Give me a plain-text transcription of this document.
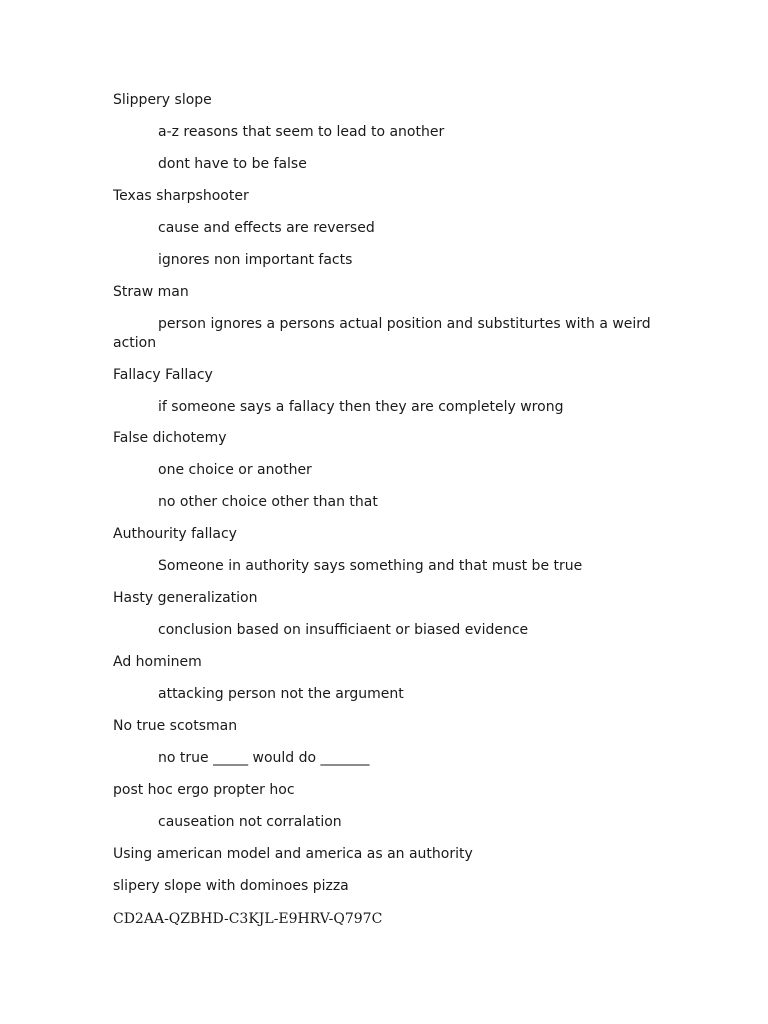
Slippery slope
a-z reasons that seem to lead to another
dont have to be false
Texas sharpshooter
cause and effects are reversed
ignores non important facts
Straw man
person ignores a persons actual position and substiturtes with a weird
action
Fallacy Fallacy
if someone says a fallacy then they are completely wrong
False dichotemy
one choice or another
no other choice other than that
Authourity fallacy
Someone in authority says something and that must be true
Hasty generalization
conclusion based on insufficiaent or biased evidence
Ad hominem
attacking person not the argument
No true scotsman
no true _____ would do _______
post hoc ergo propter hoc
causeation not corralation
Using american model and america as an authority
slipery slope with dominoes pizza
CD2AA-QZBHD-C3KJL-E9HRV-Q797C
